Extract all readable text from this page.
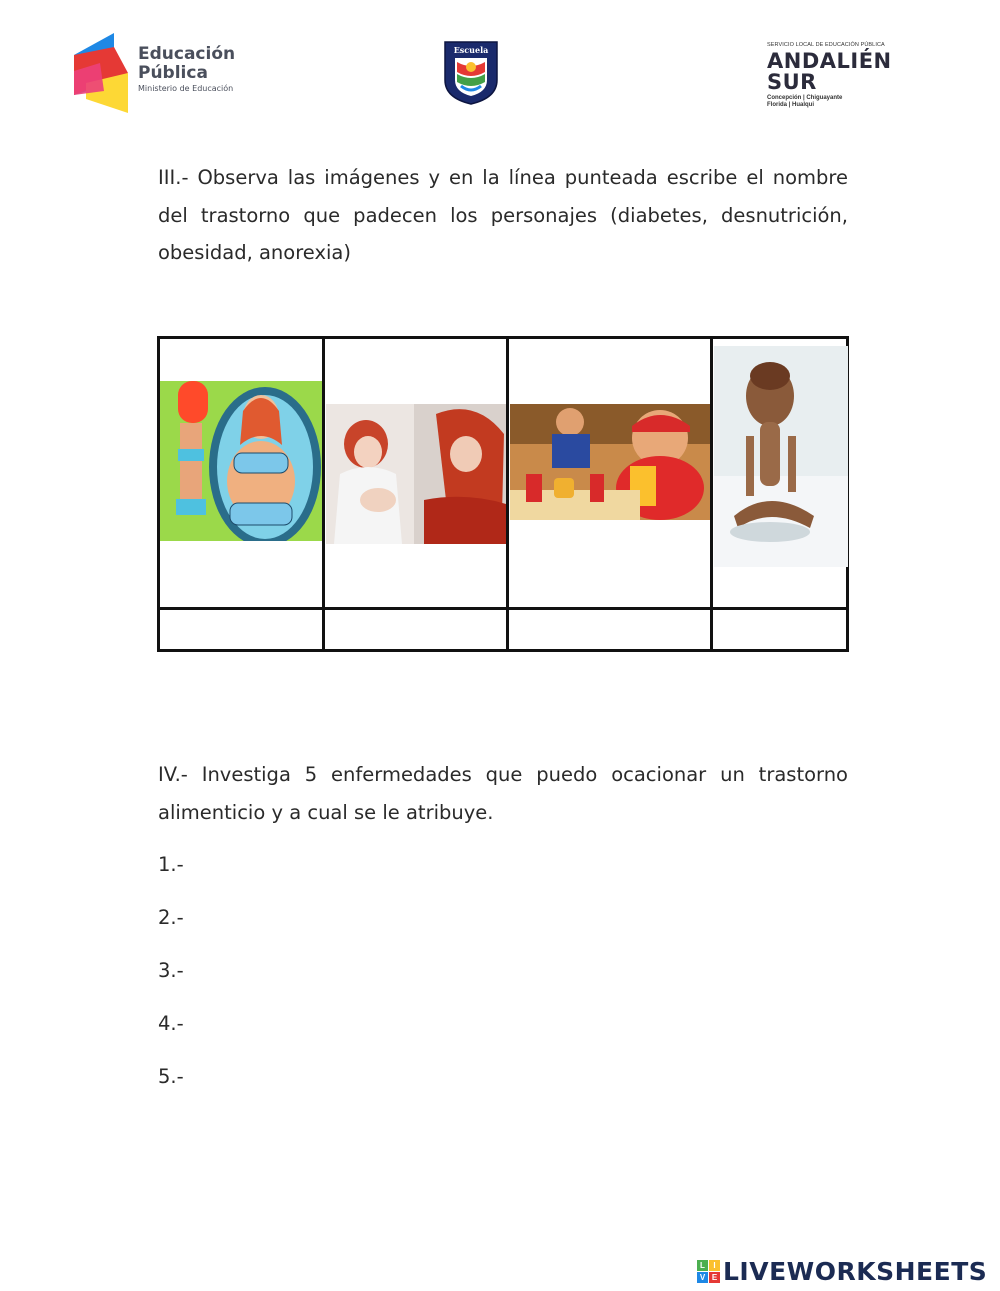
Educación
Pública
Ministerio de Educación
Escuela	SERVICIO LOCAL DE EDUCACIÓN PÚBLICA
ANDALIÉN
SUR
Concepción | Chiguayante
Florida | Hualqui

III.- Observa las imágenes y en la línea punteada escribe el nombre del trastorno que padecen los personajes (diabetes, desnutrición, obesidad, anorexia)

IV.- Investiga 5 enfermedades que puedo ocacionar un trastorno alimenticio y a cual se le atribuye.

1.-
2.-
3.-
4.-
5.-
L	I
V E LIVEWORKSHEETS
